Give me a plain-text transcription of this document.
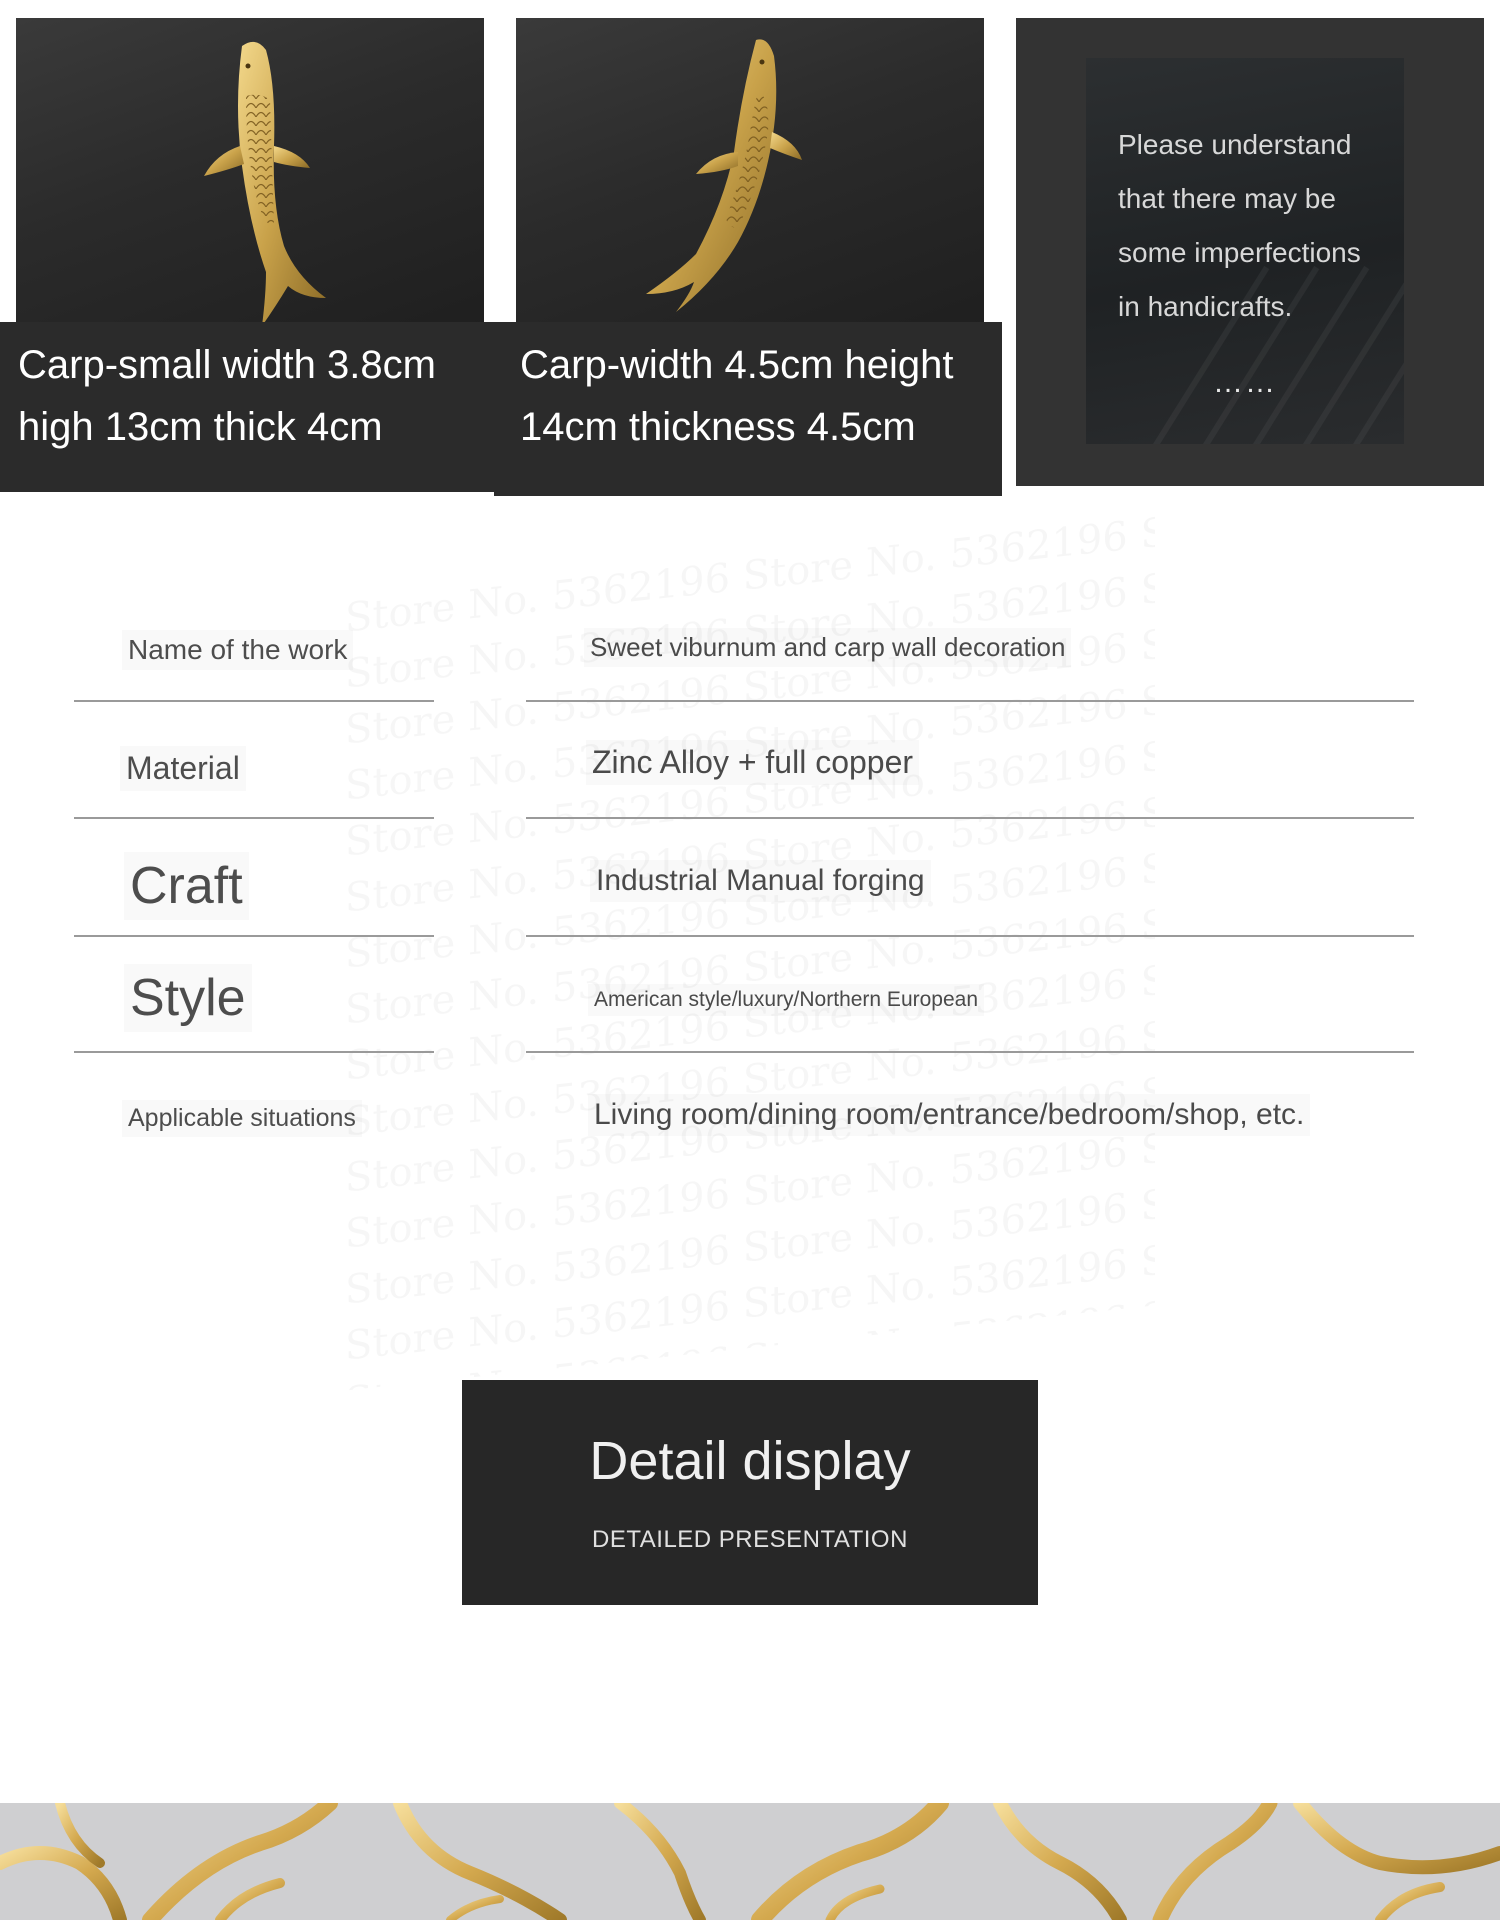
Carp-small width 3.8cm
high 13cm thick 4cm
Carp-width 4.5cm height
14cm thickness 4.5cm
Please understand
that there may be
some imperfections
in handicrafts.
……
Name of the work	Sweet viburnum and carp wall decoration
Material	Zinc Alloy + full copper
Craft	Industrial Manual forging
Style	American style/luxury/Northern European
Applicable situations	Living room/dining room/entrance/bedroom/shop, etc.
Detail display
DETAILED PRESENTATION
